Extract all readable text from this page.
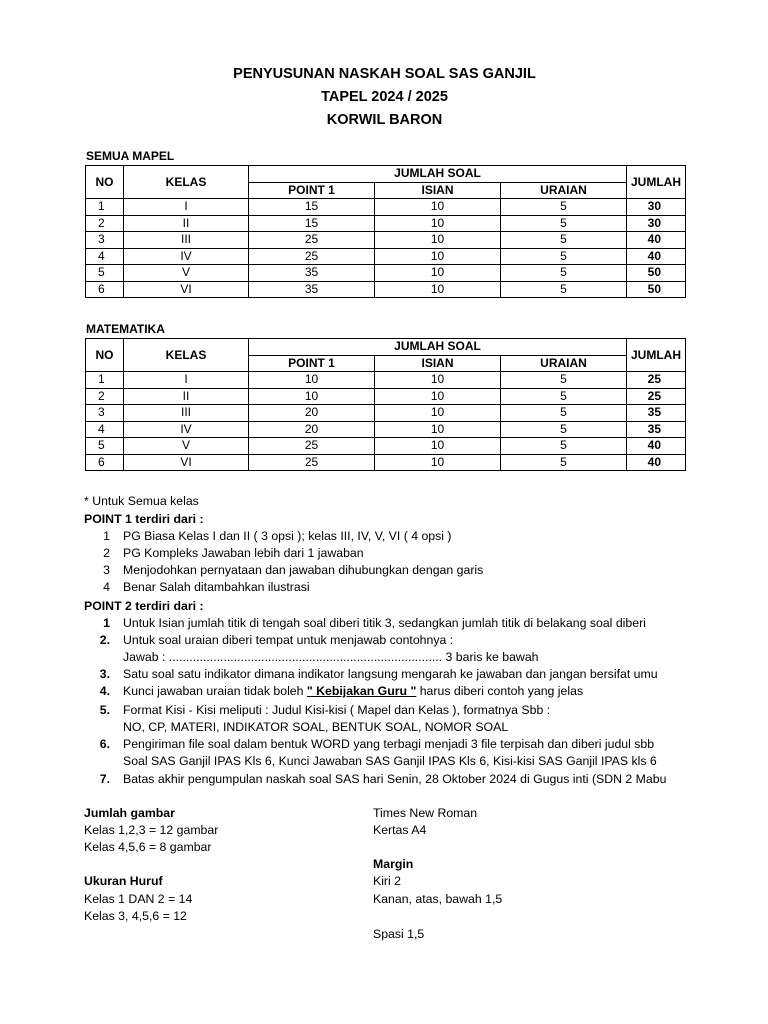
PENYUSUNAN NASKAH SOAL SAS GANJIL
TAPEL 2024 / 2025
KORWIL BARON
SEMUA MAPEL
NO	KELAS	JUMLAH SOAL			JUMLAH
		POINT 1	ISIAN	URAIAN	
1	I	15	10	5	30
2	II	15	10	5	30
3	III	25	10	5	40
4	IV	25	10	5	40
5	V	35	10	5	50
6	VI	35	10	5	50
MATEMATIKA
NO	KELAS	JUMLAH SOAL			JUMLAH
		POINT 1	ISIAN	URAIAN	
1	I	10	10	5	25
2	II	10	10	5	25
3	III	20	10	5	35
4	IV	20	10	5	35
5	V	25	10	5	40
6	VI	25	10	5	40
* Untuk Semua kelas
POINT 1 terdiri dari :
1 PG Biasa Kelas I dan II ( 3 opsi ); kelas III, IV, V, VI ( 4 opsi )
2 PG Kompleks Jawaban lebih dari 1 jawaban
3 Menjodohkan pernyataan dan jawaban dihubungkan dengan garis
4 Benar Salah ditambahkan ilustrasi
POINT 2 terdiri dari :
1 Untuk Isian jumlah titik di tengah soal diberi titik 3, sedangkan jumlah titik di belakang soal diberi
2. Untuk soal uraian diberi tempat untuk menjawab contohnya :
Jawab : ................................................................................ 3 baris ke bawah
3. Satu soal satu indikator dimana indikator langsung mengarah ke jawaban dan jangan bersifat umu
4. Kunci jawaban uraian tidak boleh " Kebijakan Guru " harus diberi contoh yang jelas
5. Format Kisi - Kisi meliputi : Judul Kisi-kisi ( Mapel dan Kelas ), formatnya Sbb :
NO, CP, MATERI, INDIKATOR SOAL, BENTUK SOAL, NOMOR SOAL
6. Pengiriman file soal dalam bentuk WORD yang terbagi menjadi 3 file terpisah dan diberi judul sbb
Soal SAS Ganjil IPAS Kls 6, Kunci Jawaban SAS Ganjil IPAS Kls 6, Kisi-kisi SAS Ganjil IPAS kls 6
7. Batas akhir pengumpulan naskah soal SAS hari Senin, 28 Oktober 2024 di Gugus inti (SDN 2 Mabu
Jumlah gambar
Kelas 1,2,3 = 12 gambar
Kelas 4,5,6 = 8 gambar
Ukuran Huruf
Kelas 1 DAN 2 = 14
Kelas 3, 4,5,6 = 12
Times New Roman
Kertas A4
Margin
Kiri 2
Kanan, atas, bawah 1,5
Spasi 1,5
